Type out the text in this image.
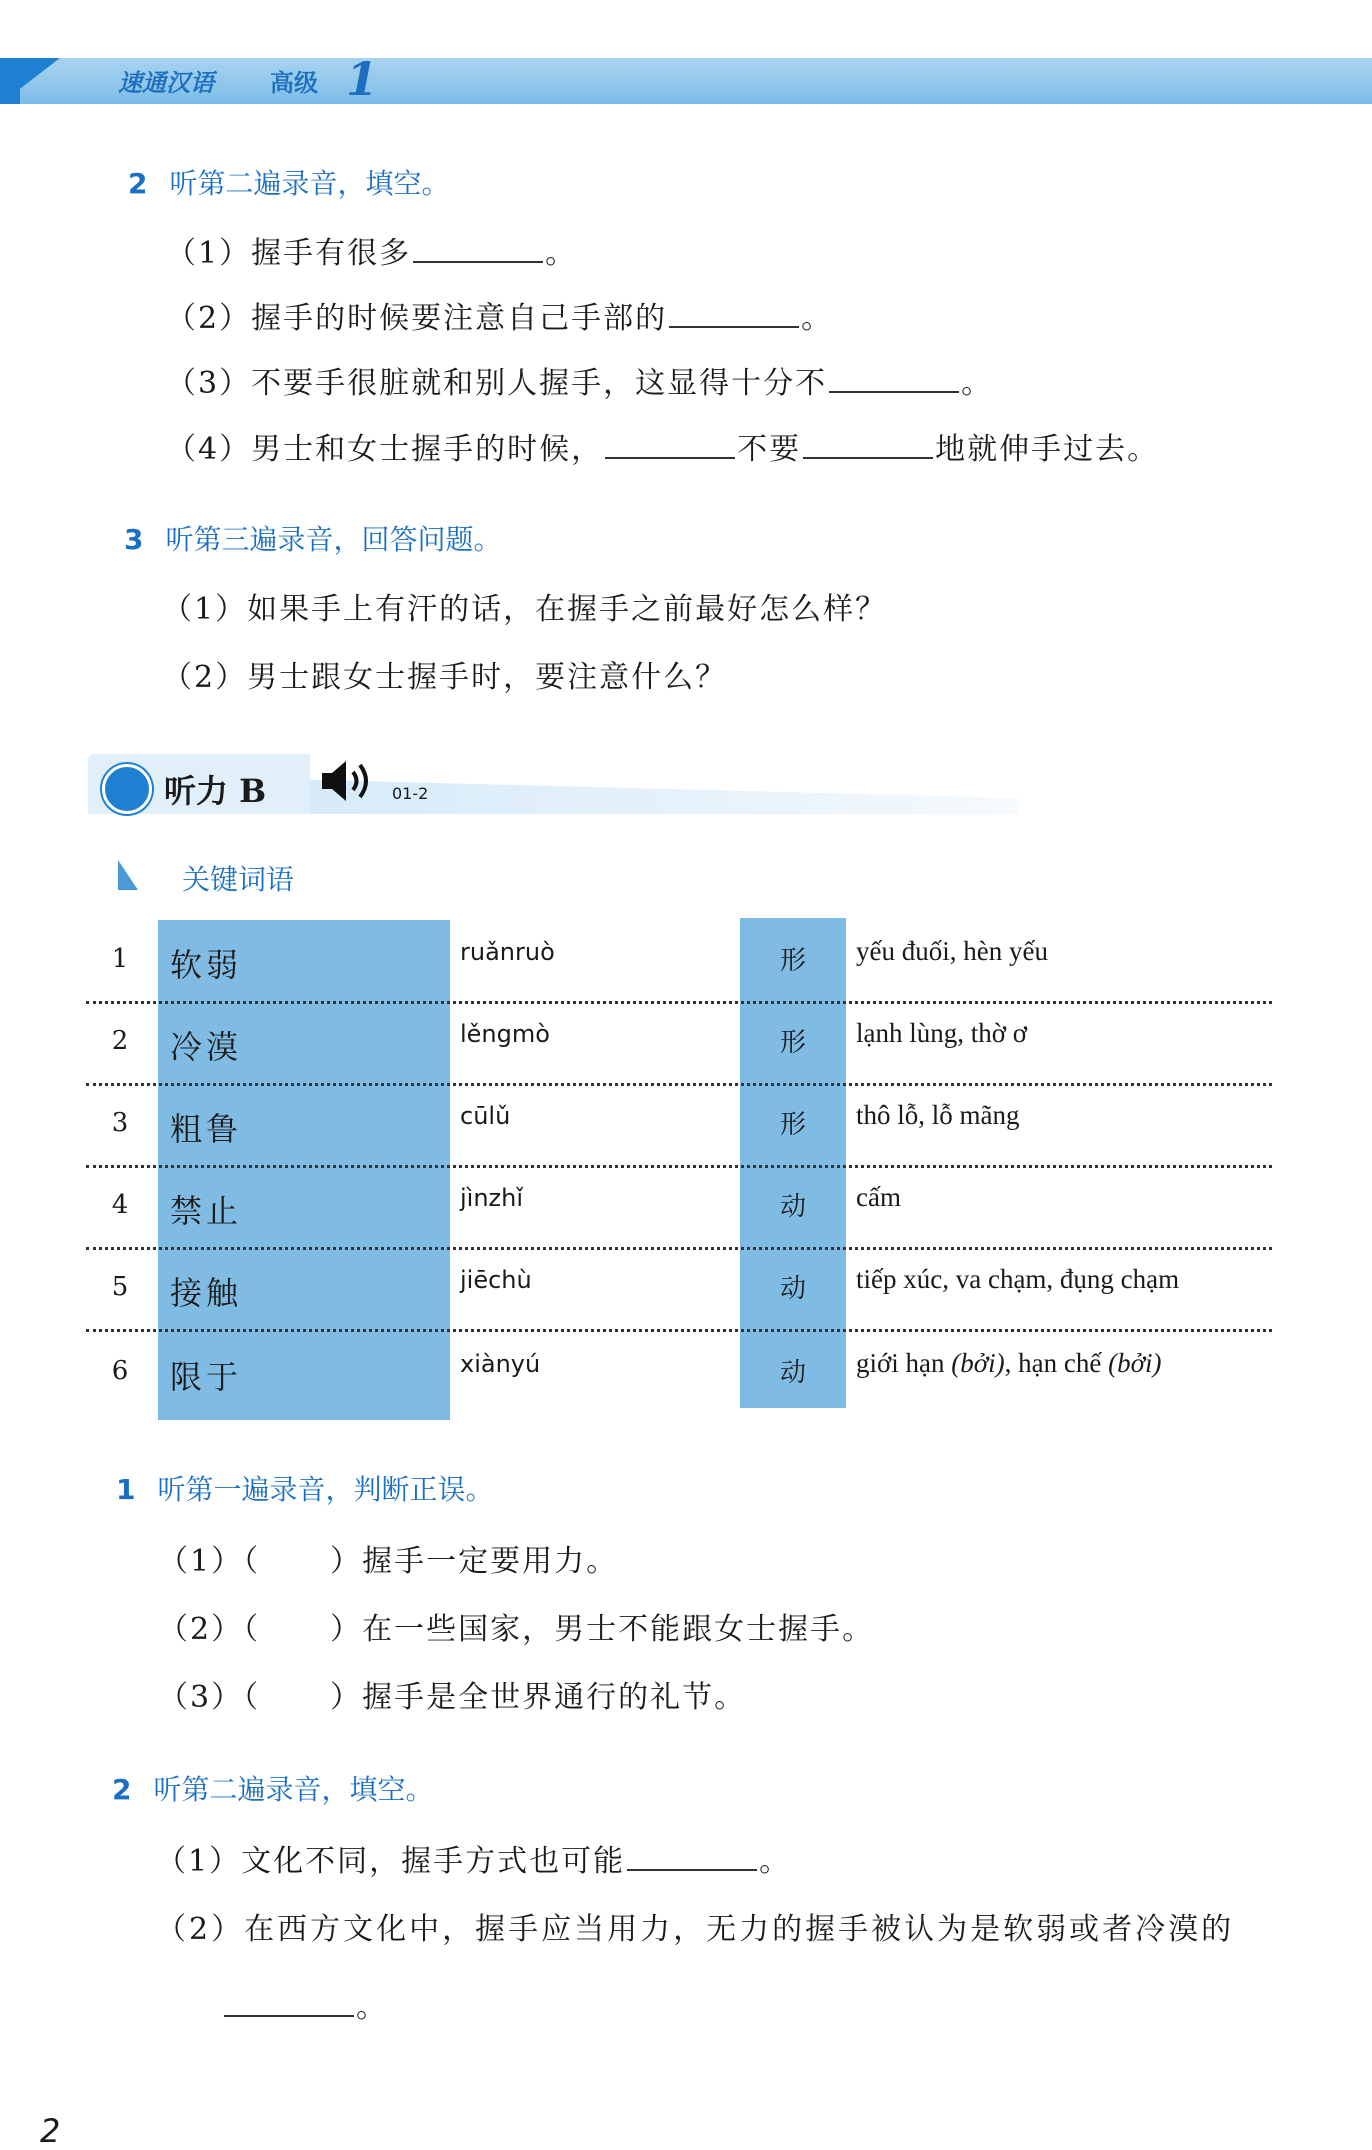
速通汉语 高级 1
2 听第二遍录音，填空。
（1）握手有很多	。
（2）握手的时候要注意自己手部的	。
（3）不要手很脏就和别人握手，这显得十分不	。
（4）男士和女士握手的时候，	不要	地就伸手过去。
3 听第三遍录音，回答问题。
（1）如果手上有汗的话，在握手之前最好怎么样？
（2）男士跟女士握手时，要注意什么？
听力 B	01-2
关键词语
1	软弱	ruǎnruò	形	yếu đuối, hèn yếu
2	冷漠	lěngmò	形	lạnh lùng, thờ ơ
3	粗鲁	cūlǔ	形	thô lỗ, lỗ mãng
4	禁止	jìnzhǐ	动	cấm
5	接触	jiēchù	动	tiếp xúc, va chạm, đụng chạm
6	限于	xiànyú	动	giới hạn (bởi), hạn chế (bởi)
1 听第一遍录音，判断正误。
（1）（ ）握手一定要用力。
（2）（ ）在一些国家，男士不能跟女士握手。
（3）（ ）握手是全世界通行的礼节。
2 听第二遍录音，填空。
（1）文化不同，握手方式也可能	。
（2）在西方文化中，握手应当用力，无力的握手被认为是软弱或者冷漠的
。
2
